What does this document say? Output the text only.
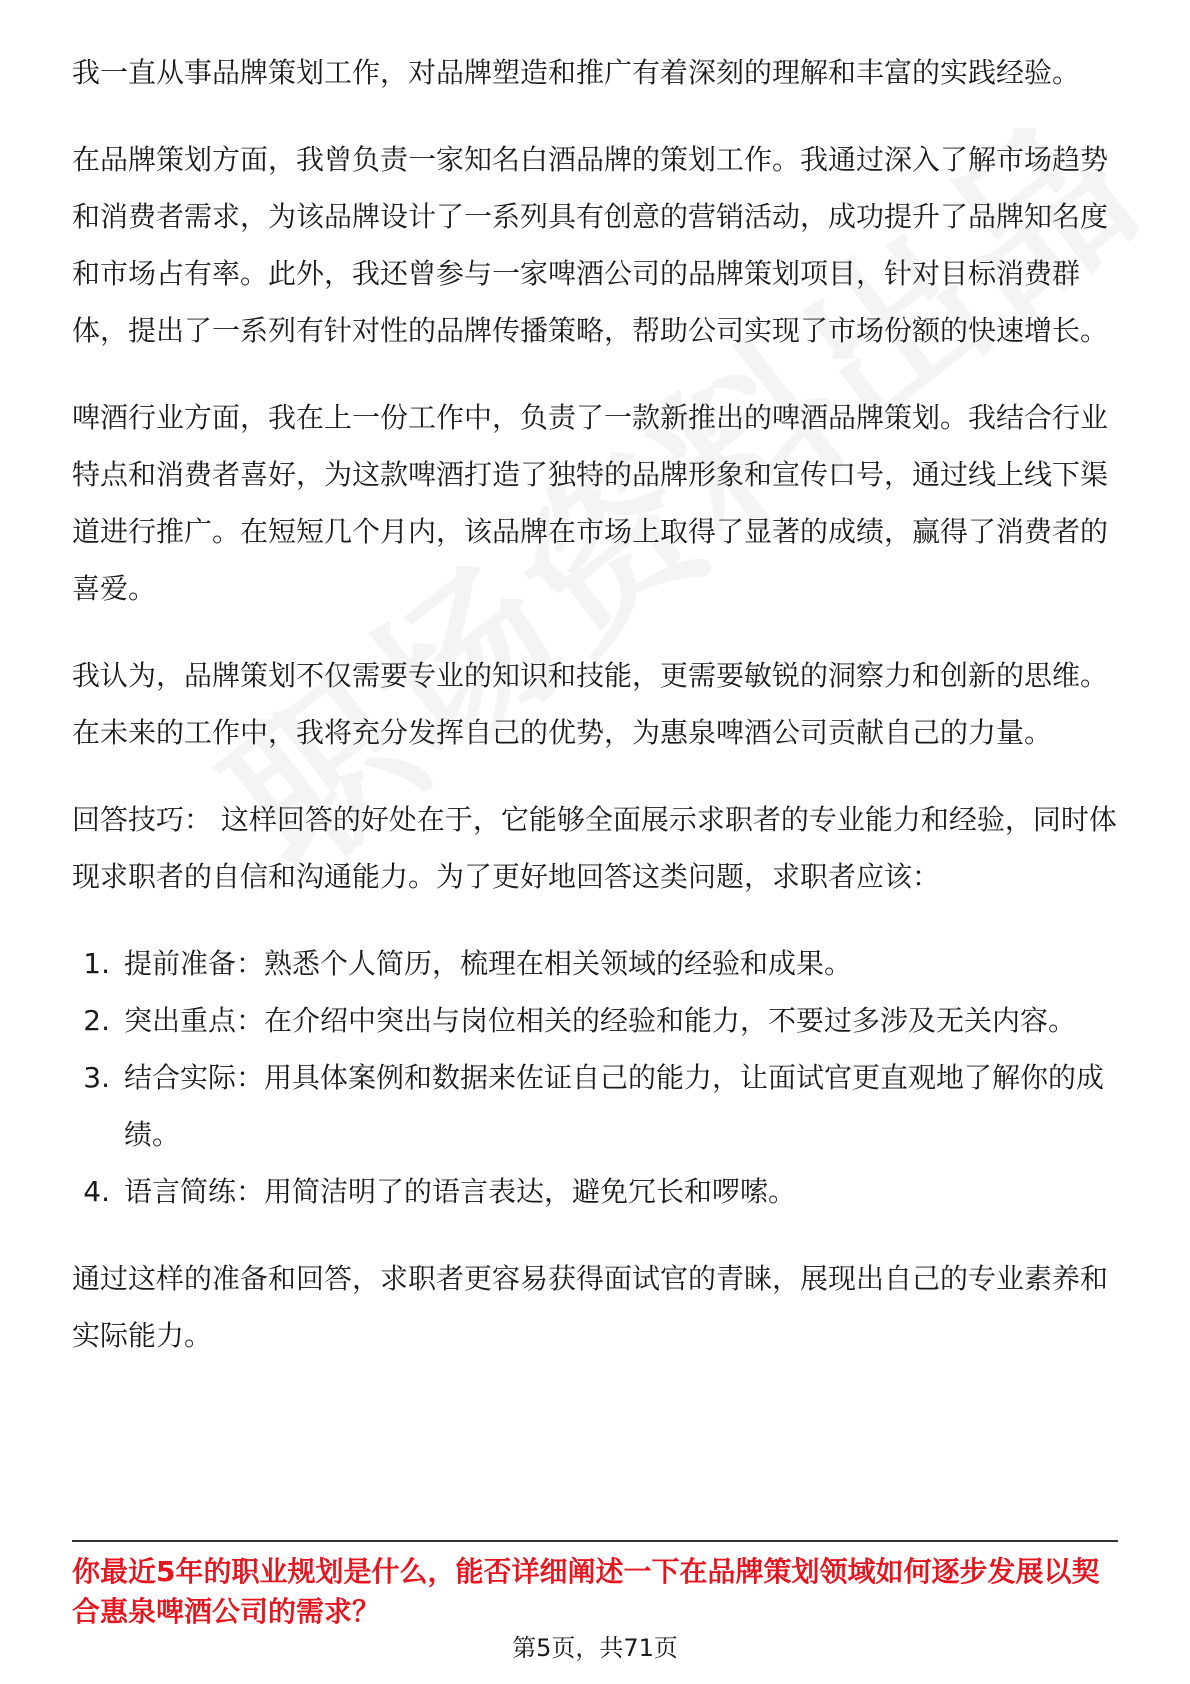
我一直从事品牌策划工作，对品牌塑造和推广有着深刻的理解和丰富的实践经验。

在品牌策划方面，我曾负责一家知名白酒品牌的策划工作。我通过深入了解市场趋势和消费者需求，为该品牌设计了一系列具有创意的营销活动，成功提升了品牌知名度和市场占有率。此外，我还曾参与一家啤酒公司的品牌策划项目，针对目标消费群体，提出了一系列有针对性的品牌传播策略，帮助公司实现了市场份额的快速增长。

啤酒行业方面，我在上一份工作中，负责了一款新推出的啤酒品牌策划。我结合行业特点和消费者喜好，为这款啤酒打造了独特的品牌形象和宣传口号，通过线上线下渠道进行推广。在短短几个月内，该品牌在市场上取得了显著的成绩，赢得了消费者的喜爱。

我认为，品牌策划不仅需要专业的知识和技能，更需要敏锐的洞察力和创新的思维。在未来的工作中，我将充分发挥自己的优势，为惠泉啤酒公司贡献自己的力量。

回答技巧： 这样回答的好处在于，它能够全面展示求职者的专业能力和经验，同时体现求职者的自信和沟通能力。为了更好地回答这类问题，求职者应该：

1. 提前准备：熟悉个人简历，梳理在相关领域的经验和成果。
2. 突出重点：在介绍中突出与岗位相关的经验和能力，不要过多涉及无关内容。
3. 结合实际：用具体案例和数据来佐证自己的能力，让面试官更直观地了解你的成绩。
4. 语言简练：用简洁明了的语言表达，避免冗长和啰嗦。

通过这样的准备和回答，求职者更容易获得面试官的青睐，展现出自己的专业素养和实际能力。

你最近5年的职业规划是什么，能否详细阐述一下在品牌策划领域如何逐步发展以契合惠泉啤酒公司的需求？
第5页，共71页
